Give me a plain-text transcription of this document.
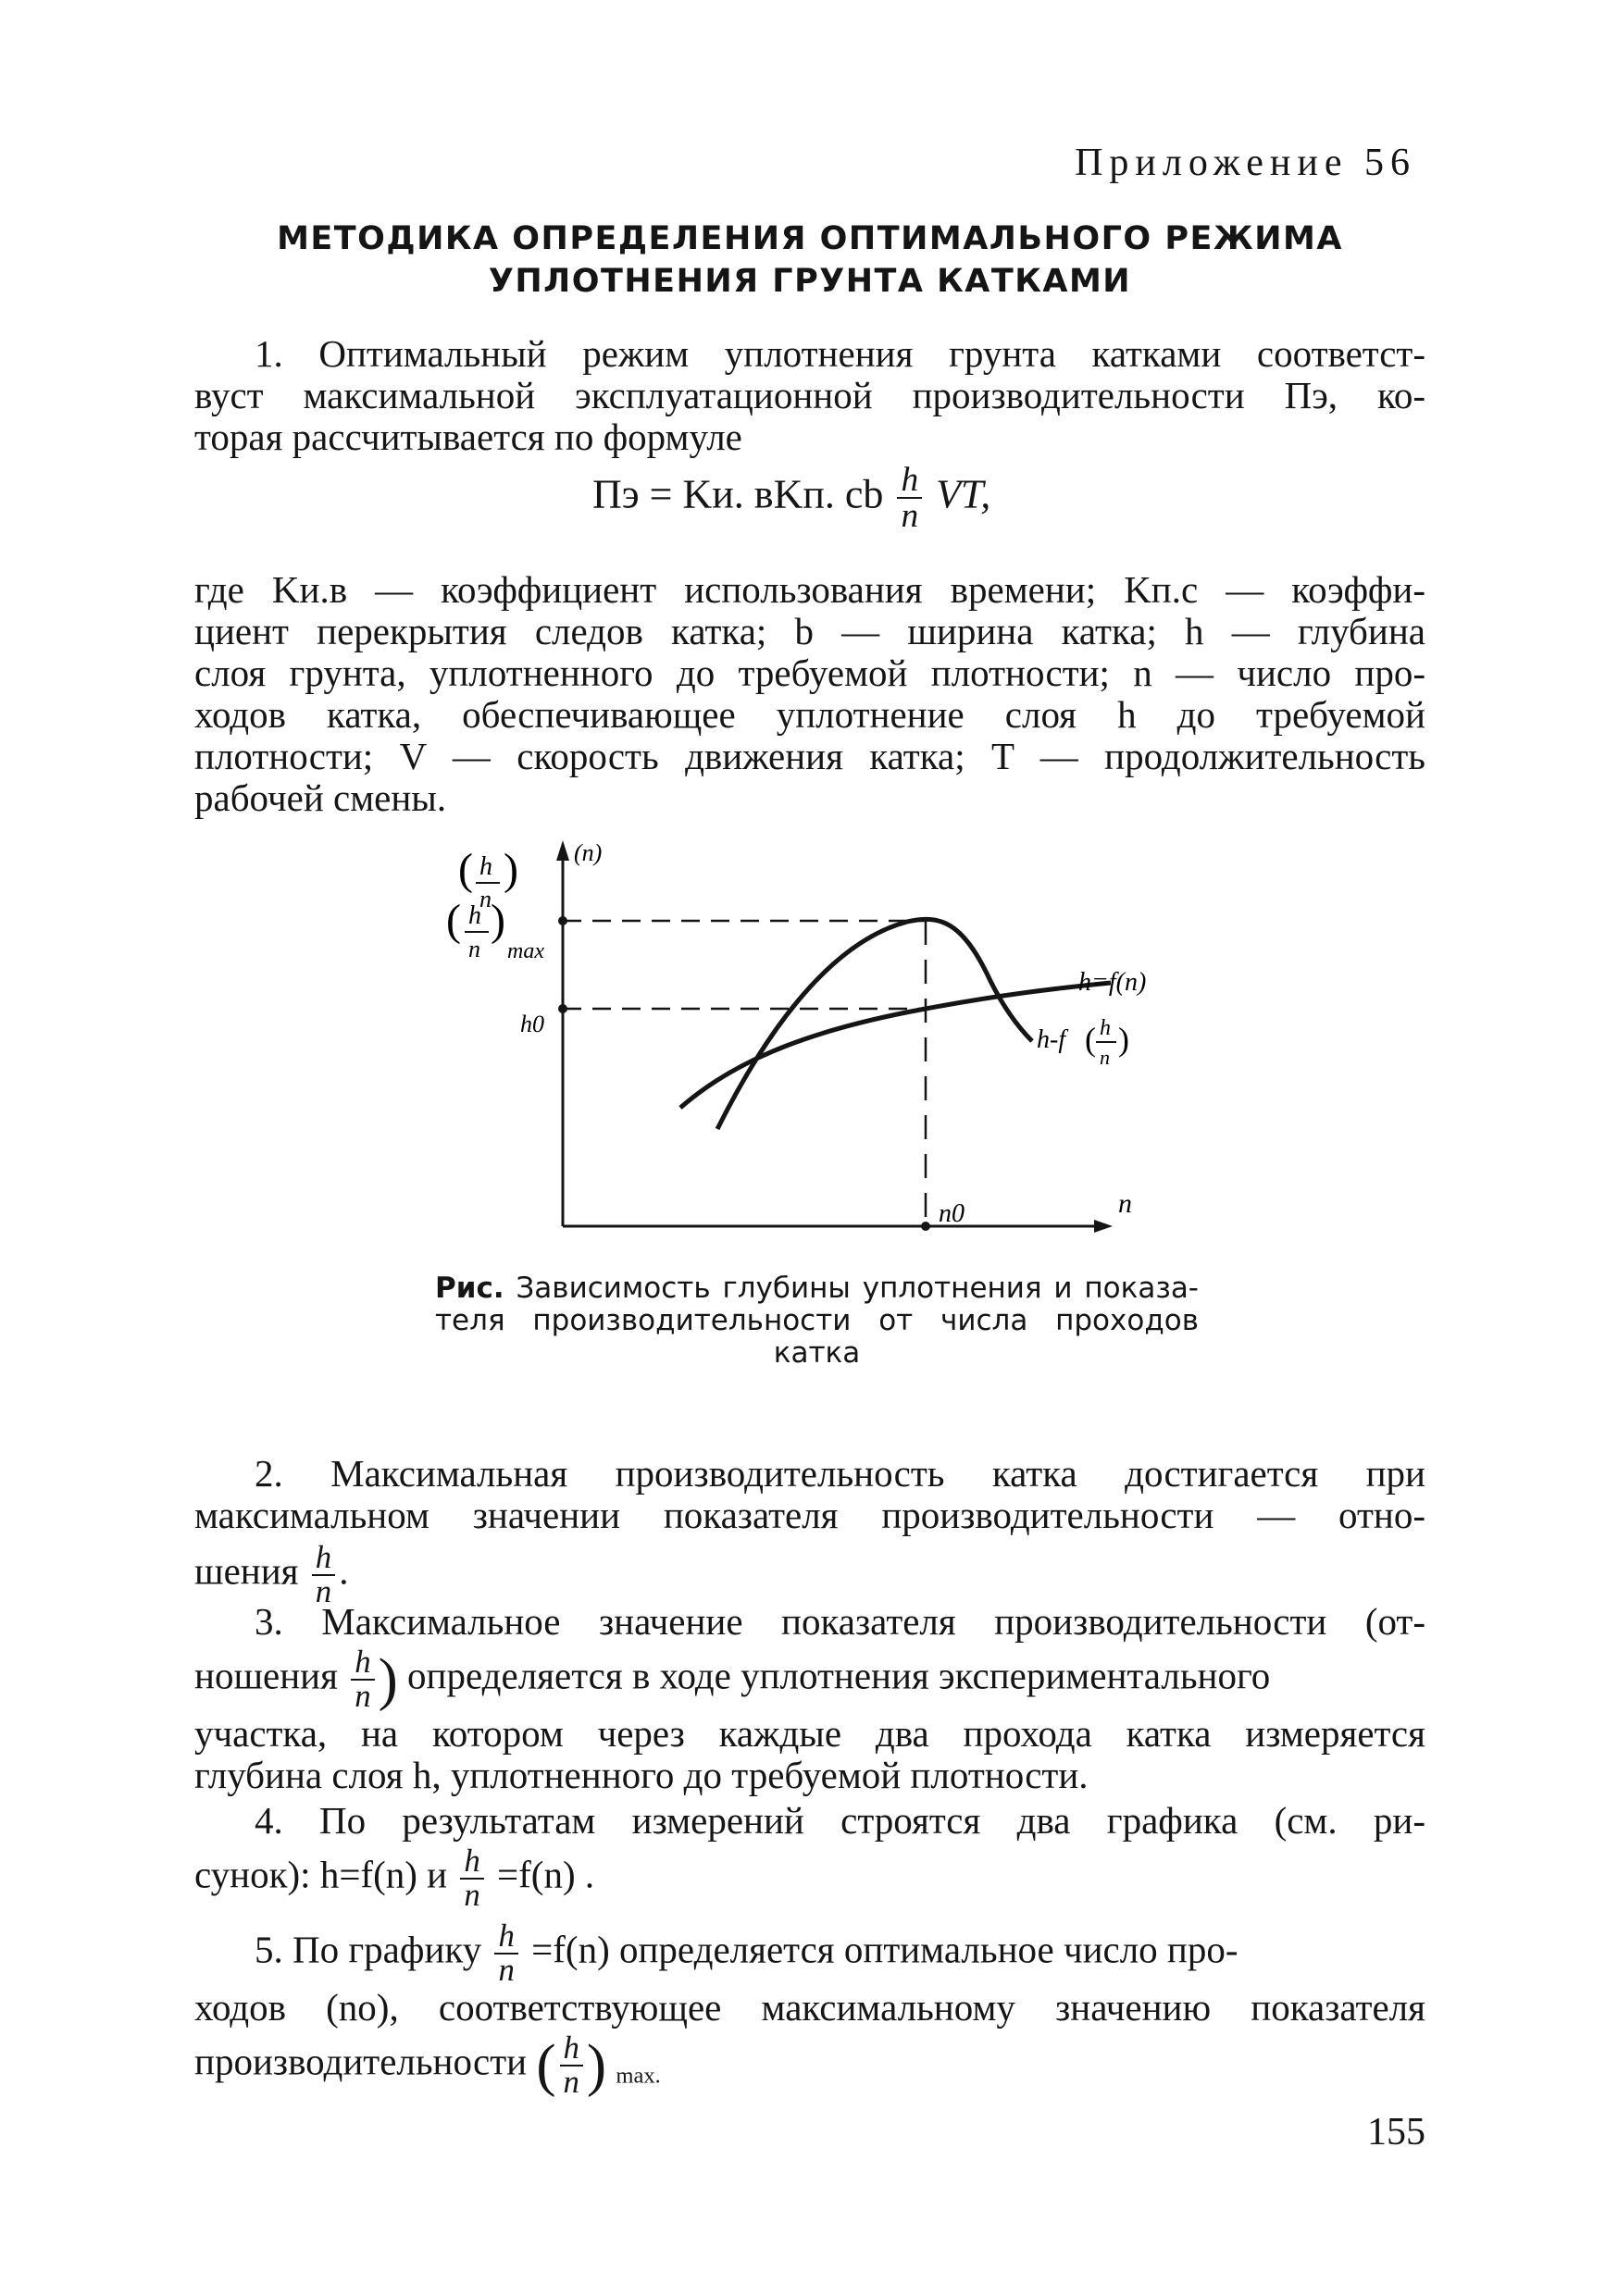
Приложение 56
МЕТОДИКА ОПРЕДЕЛЕНИЯ ОПТИМАЛЬНОГО РЕЖИМА УПЛОТНЕНИЯ ГРУНТА КАТКАМИ
1. Оптимальный режим уплотнения грунта катками соответст-
вуст максимальной эксплуатационной производительности Пэ, ко-
торая рассчитывается по формуле
Пэ = Kи. вKп. сb $\frac{h}{n}$ VT,
где Kи.в — коэффициент использования времени; Kп.с — коэффи-
циент перекрытия следов катка; b — ширина катка; h — глубина
слоя грунта, уплотненного до требуемой плотности; n — число про-
ходов катка, обеспечивающее уплотнение слоя h до требуемой
плотности; V — скорость движения катка; T — продолжительность
рабочей смены.
( h
n
) (n)
( h
n
)
max
h0
n0	n
h=f(n)
h-f ( h
n )
Рис. Зависимость глубины уплотнения и показа-
теля производительности от числа проходов
катка
2. Максимальная производительность катка достигается при
максимальном значении показателя производительности — отно-
шения $\frac{h}{n}$ .
3. Максимальное значение показателя производительности (от-
ношения $\frac{h}{n}$ ) определяется в ходе уплотнения экспериментального
участка, на котором через каждые два прохода катка измеряется
глубина слоя h, уплотненного до требуемой плотности.
4. По результатам измерений строятся два графика (см. ри-
сунок): h=f(n) и $\frac{h}{n} =f(n)$ .
5. По графику $\frac{h}{n} =f(n)$ определяется оптимальное число про-
ходов (nо), соответствующее максимальному значению показателя
производительности ( $\frac{h}{n}$ ) $_{max.}$
155
